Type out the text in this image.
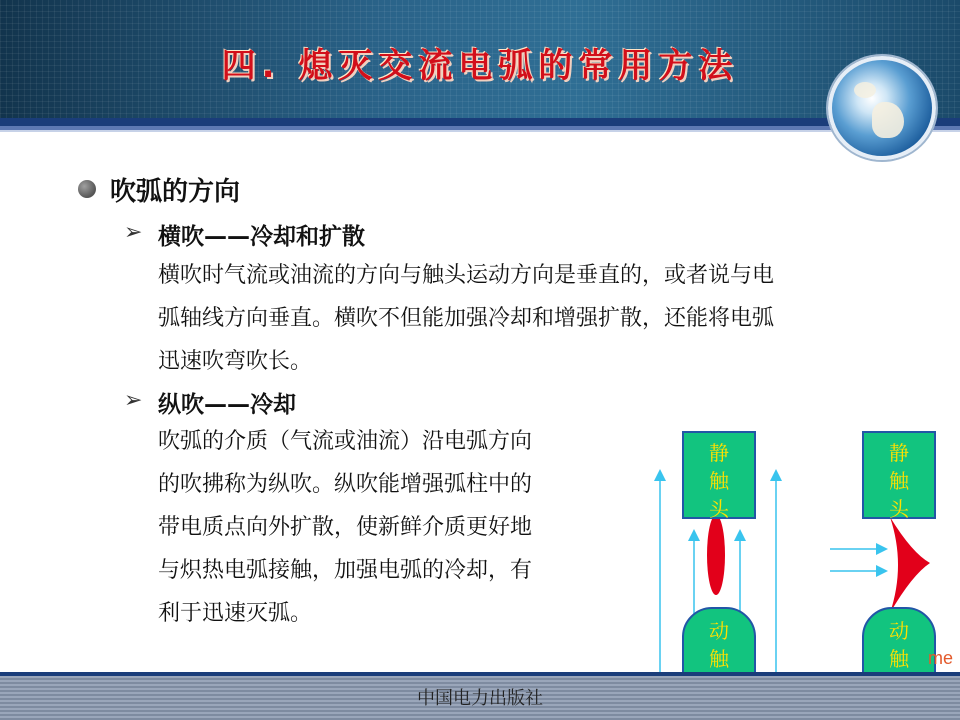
四. 熄灭交流电弧的常用方法
吹弧的方向
➢ 横吹——冷却和扩散
横吹时气流或油流的方向与触头运动方向是垂直的，或者说与电
弧轴线方向垂直。横吹不但能加强冷却和增强扩散，还能将电弧
迅速吹弯吹长。
➢ 纵吹——冷却
吹弧的介质（气流或油流）沿电弧方向
的吹拂称为纵吹。纵吹能增强弧柱中的
带电质点向外扩散，使新鲜介质更好地
与炽热电弧接触，加强电弧的冷却，有
利于迅速灭弧。
静触头
动触
静触头
动触
中国电力出版社
me
